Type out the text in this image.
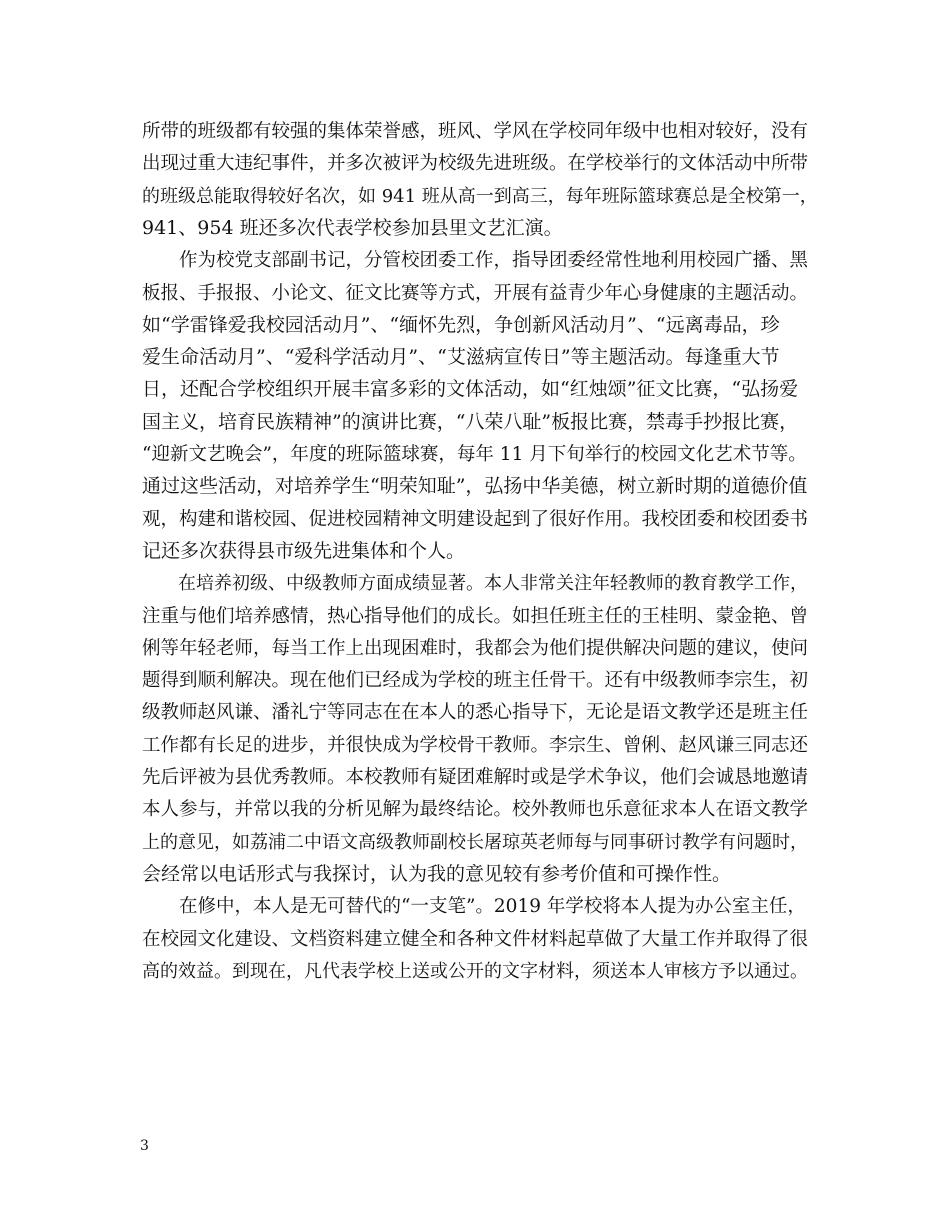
所带的班级都有较强的集体荣誉感，班风、学风在学校同年级中也相对较好，没有
出现过重大违纪事件，并多次被评为校级先进班级。在学校举行的文体活动中所带
的班级总能取得较好名次，如 941 班从高一到高三，每年班际篮球赛总是全校第一，
941、954 班还多次代表学校参加县里文艺汇演。
　　作为校党支部副书记，分管校团委工作，指导团委经常性地利用校园广播、黑
板报、手报报、小论文、征文比赛等方式，开展有益青少年心身健康的主题活动。
如“学雷锋爱我校园活动月”、“缅怀先烈，争创新风活动月”、“远离毒品，珍
爱生命活动月”、“爱科学活动月”、“艾滋病宣传日”等主题活动。每逢重大节
日，还配合学校组织开展丰富多彩的文体活动，如“红烛颂”征文比赛，“弘扬爱
国主义，培育民族精神”的演讲比赛，“八荣八耻”板报比赛，禁毒手抄报比赛，
“迎新文艺晚会”，年度的班际篮球赛，每年 11 月下旬举行的校园文化艺术节等。
通过这些活动，对培养学生“明荣知耻”，弘扬中华美德，树立新时期的道德价值
观，构建和谐校园、促进校园精神文明建设起到了很好作用。我校团委和校团委书
记还多次获得县市级先进集体和个人。
　　在培养初级、中级教师方面成绩显著。本人非常关注年轻教师的教育教学工作，
注重与他们培养感情，热心指导他们的成长。如担任班主任的王桂明、蒙金艳、曾
俐等年轻老师，每当工作上出现困难时，我都会为他们提供解决问题的建议，使问
题得到顺利解决。现在他们已经成为学校的班主任骨干。还有中级教师李宗生，初
级教师赵风谦、潘礼宁等同志在在本人的悉心指导下，无论是语文教学还是班主任
工作都有长足的进步，并很快成为学校骨干教师。李宗生、曾俐、赵风谦三同志还
先后评被为县优秀教师。本校教师有疑团难解时或是学术争议，他们会诚恳地邀请
本人参与，并常以我的分析见解为最终结论。校外教师也乐意征求本人在语文教学
上的意见，如荔浦二中语文高级教师副校长屠琼英老师每与同事研讨教学有问题时，
会经常以电话形式与我探讨，认为我的意见较有参考价值和可操作性。
　　在修中，本人是无可替代的“一支笔”。2019 年学校将本人提为办公室主任，
在校园文化建设、文档资料建立健全和各种文件材料起草做了大量工作并取得了很
高的效益。到现在，凡代表学校上送或公开的文字材料，须送本人审核方予以通过。
3
